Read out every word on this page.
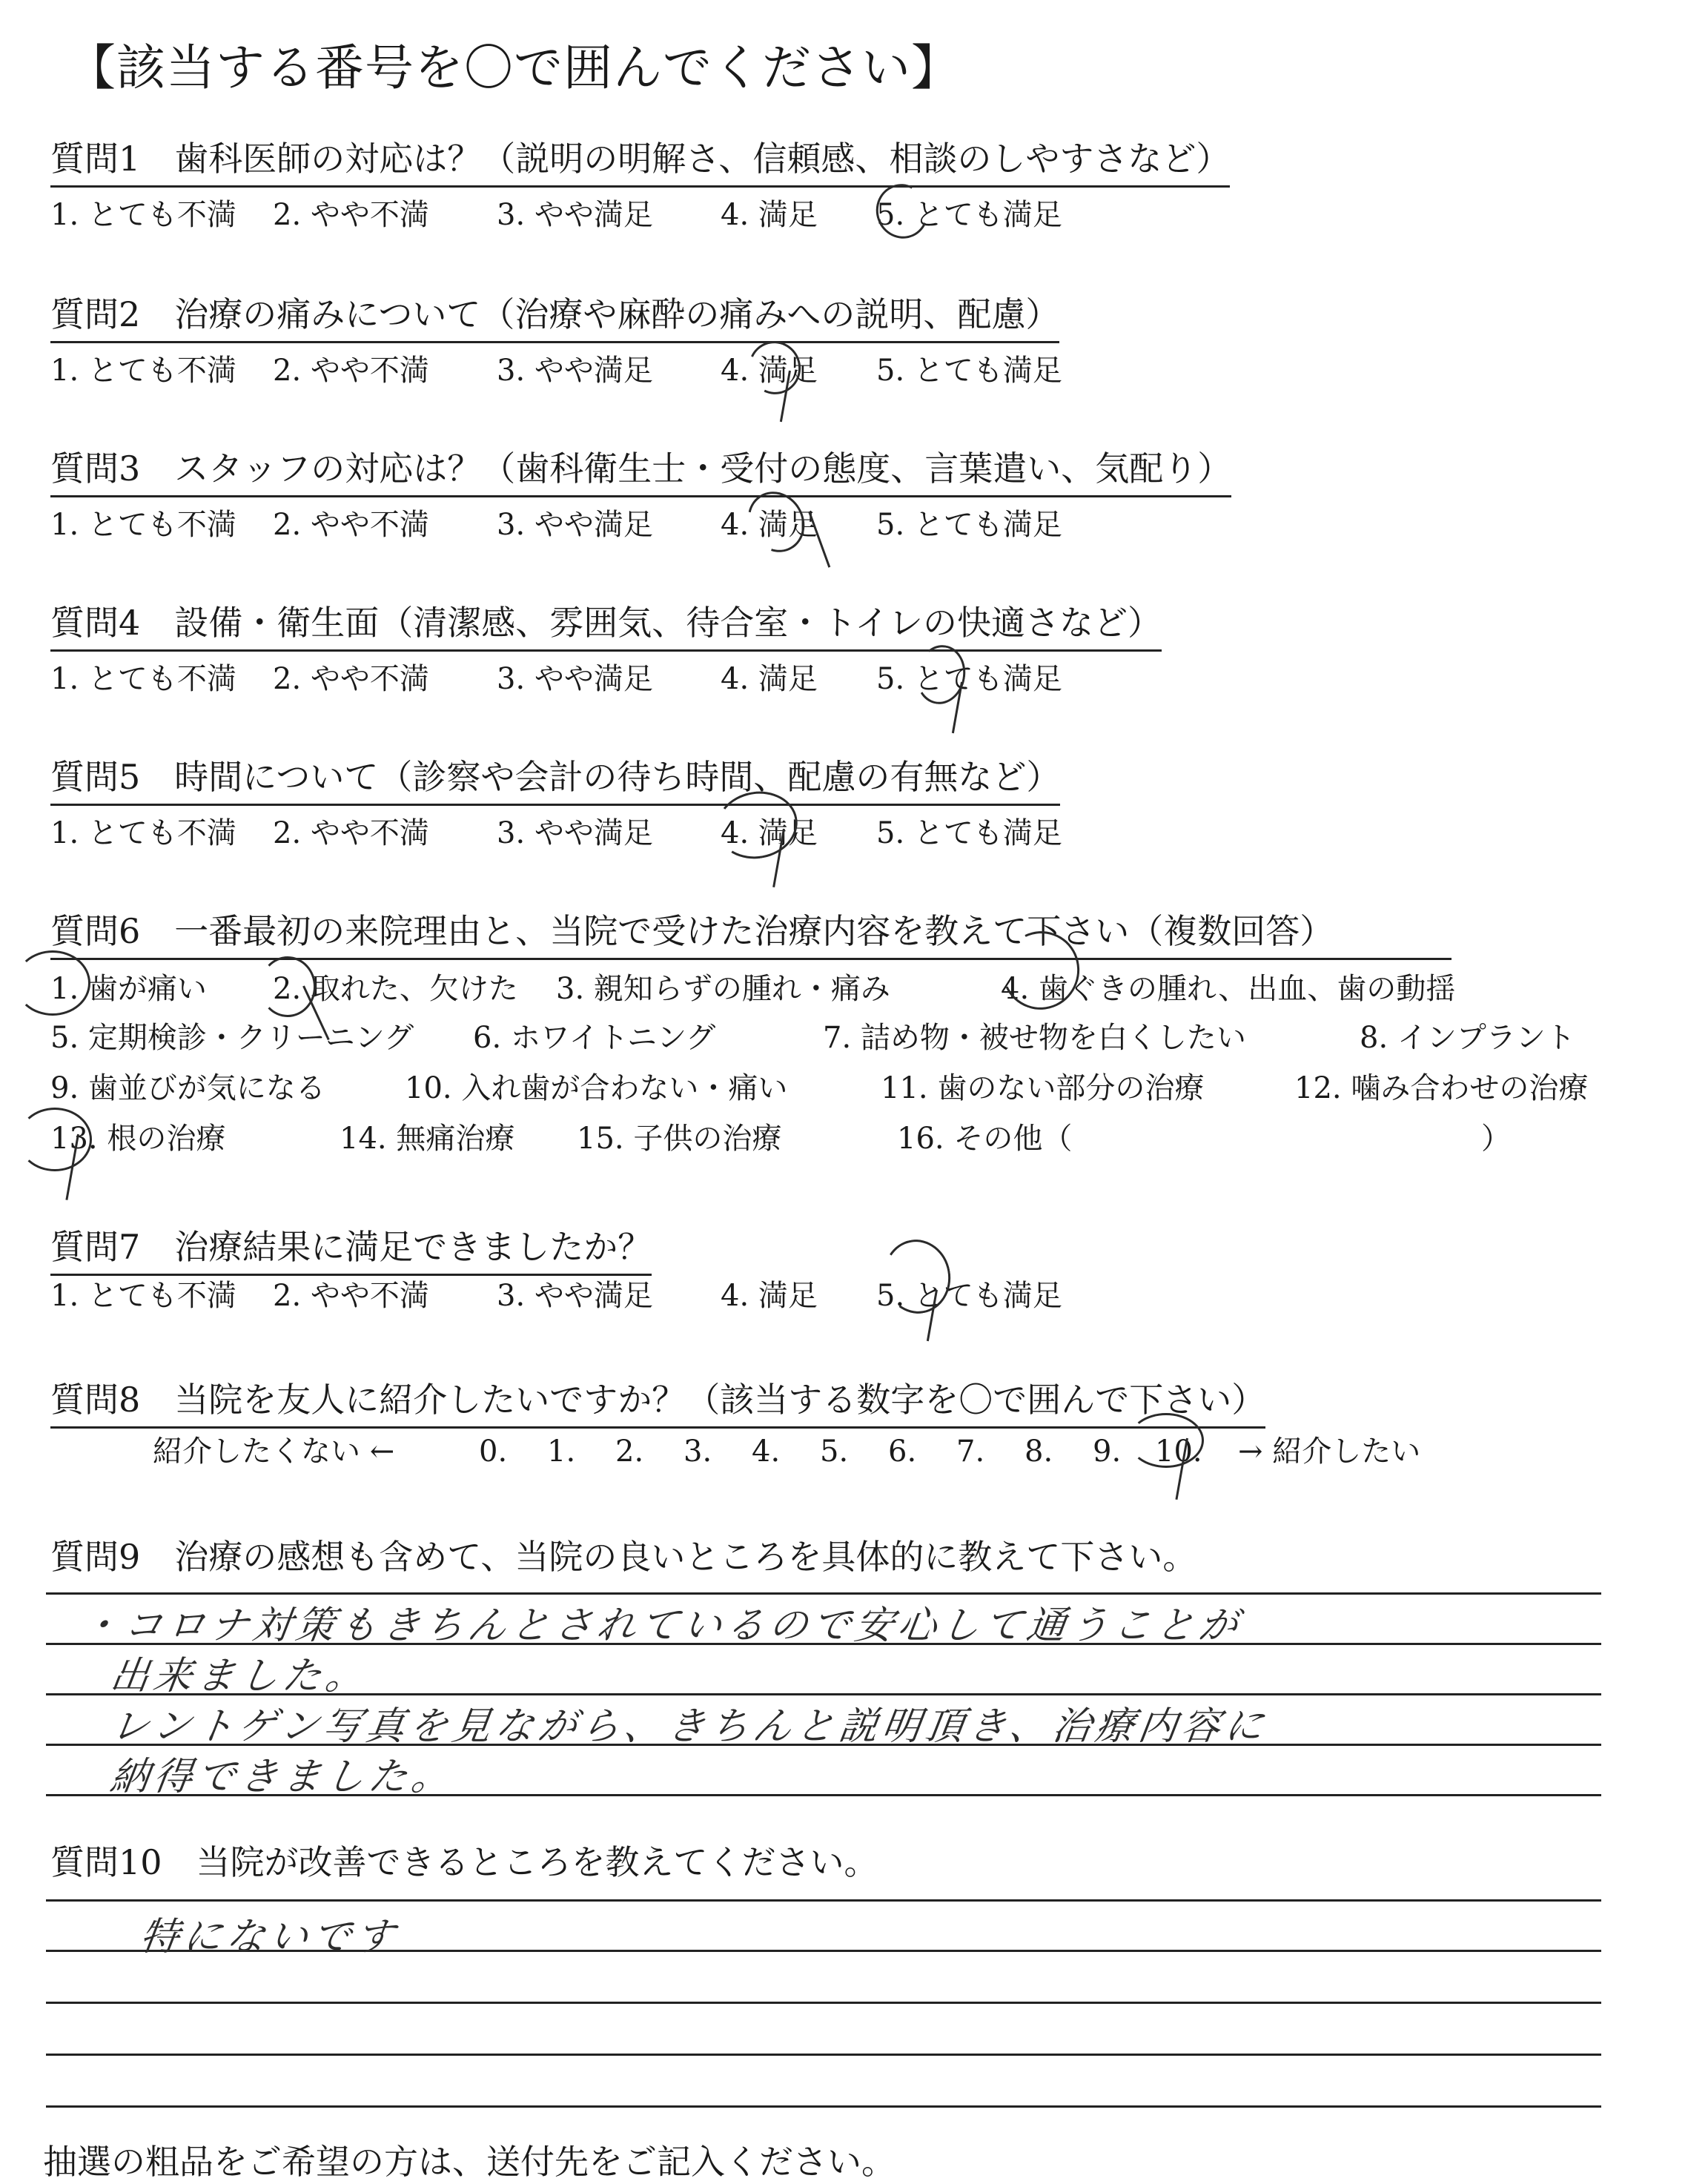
【該当する番号を〇で囲んでください】
質問1　歯科医師の対応は？（説明の明解さ、信頼感、相談のしやすさなど）
1. とても不満 2. やや不満 3. やや満足 4. 満足 5. とても満足
質問2　治療の痛みについて（治療や麻酔の痛みへの説明、配慮）
1. とても不満 2. やや不満 3. やや満足 4. 満足 5. とても満足
質問3　スタッフの対応は？（歯科衛生士・受付の態度、言葉遣い、気配り）
1. とても不満 2. やや不満 3. やや満足 4. 満足 5. とても満足
質問4　設備・衛生面（清潔感、雰囲気、待合室・トイレの快適さなど）
1. とても不満 2. やや不満 3. やや満足 4. 満足 5. とても満足
質問5　時間について（診察や会計の待ち時間、配慮の有無など）
1. とても不満 2. やや不満 3. やや満足 4. 満足 5. とても満足
質問6　一番最初の来院理由と、当院で受けた治療内容を教えて下さい（複数回答）
1. 歯が痛い 2. 取れた、欠けた 3. 親知らずの腫れ・痛み	4. 歯ぐきの腫れ、出血、歯の動揺
5. 定期検診・クリーニング 6. ホワイトニング	7. 詰め物・被せ物を白くしたい	8. インプラント
9. 歯並びが気になる	10. 入れ歯が合わない・痛い	11. 歯のない部分の治療	12. 噛み合わせの治療
13. 根の治療	14. 無痛治療 15. 子供の治療	16. その他（	）
質問7　治療結果に満足できましたか？
1. とても不満 2. やや不満 3. やや満足 4. 満足 5. とても満足
質問8　当院を友人に紹介したいですか？（該当する数字を〇で囲んで下さい）
紹介したくない ←	0. 1. 2. 3. 4. 5. 6. 7. 8. 9. 10. → 紹介したい
質問9　治療の感想も含めて、当院の良いところを具体的に教えて下さい。
・コロナ対策もきちんとされているので安心して通うことが
出来ました。
レントゲン写真を見ながら、きちんと説明頂き、治療内容に
納得できました。
質問10　当院が改善できるところを教えてください。
特にないです
抽選の粗品をご希望の方は、送付先をご記入ください。
